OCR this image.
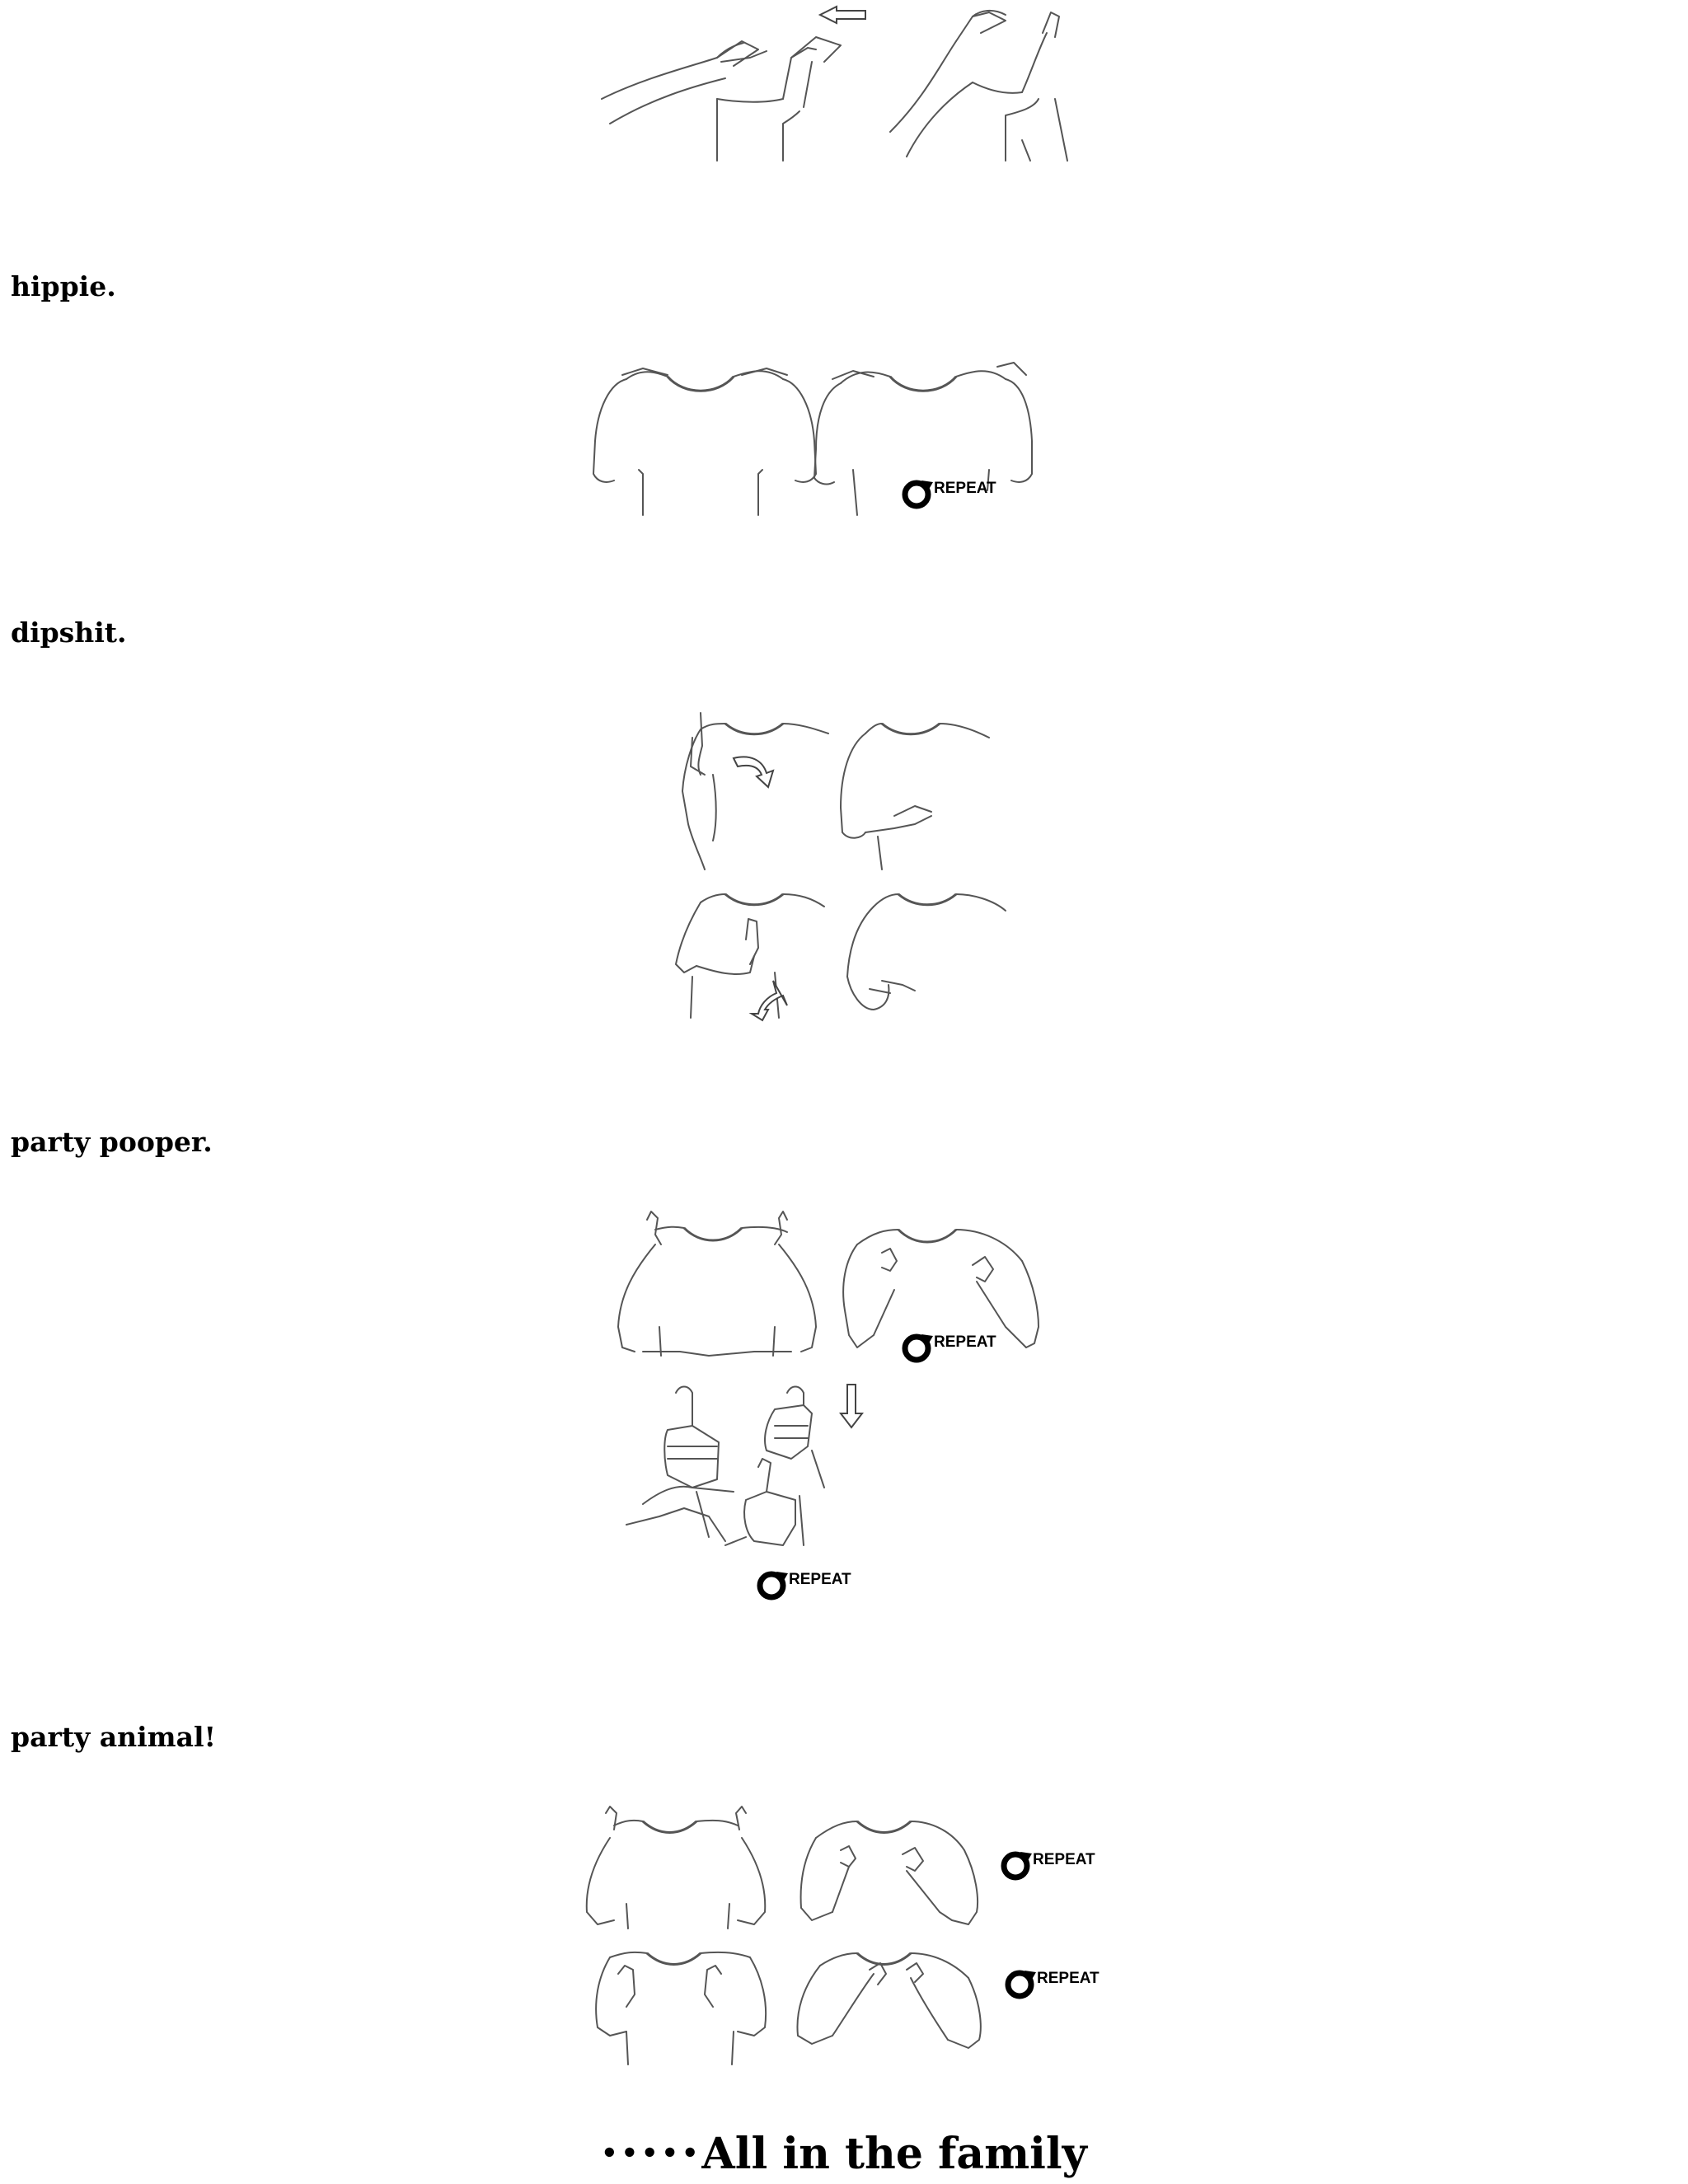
hippie.

REPEAT

dipshit.

party pooper.

REPEAT
REPEAT

party animal!

REPEAT
REPEAT
•••••All in the family
